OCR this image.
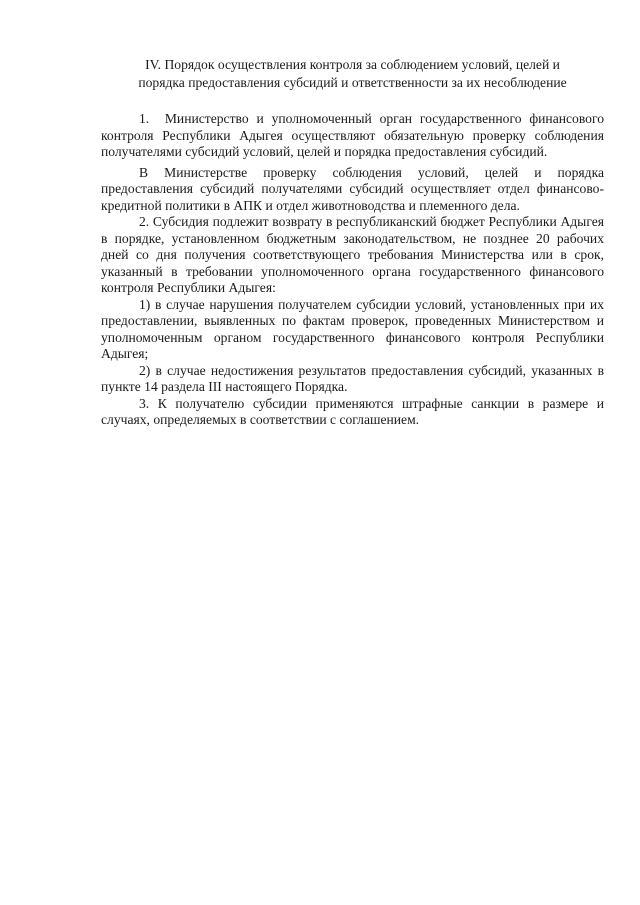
IV. Порядок осуществления контроля за соблюдением условий, целей и
порядка предоставления субсидий и ответственности за их несоблюдение

1.  Министерство и уполномоченный орган государственного финансового контроля Республики Адыгея осуществляют обязательную проверку соблюдения получателями субсидий условий, целей и порядка предоставления субсидий.

В Министерстве проверку соблюдения условий, целей и порядка предоставления субсидий получателями субсидий осуществляет отдел финансово-кредитной политики в АПК и отдел животноводства и племенного дела.

2. Субсидия подлежит возврату в республиканский бюджет Республики Адыгея в порядке, установленном бюджетным законодательством, не позднее 20 рабочих дней со дня получения соответствующего требования Министерства или в срок, указанный в требовании уполномоченного органа государственного финансового контроля Республики Адыгея:

1) в случае нарушения получателем субсидии условий, установленных при их предоставлении, выявленных по фактам проверок, проведенных Министерством и уполномоченным органом государственного финансового контроля Республики Адыгея;

2) в случае недостижения результатов предоставления субсидий, указанных в пункте 14 раздела III настоящего Порядка.

3. К получателю субсидии применяются штрафные санкции в размере и случаях, определяемых в соответствии с соглашением.
